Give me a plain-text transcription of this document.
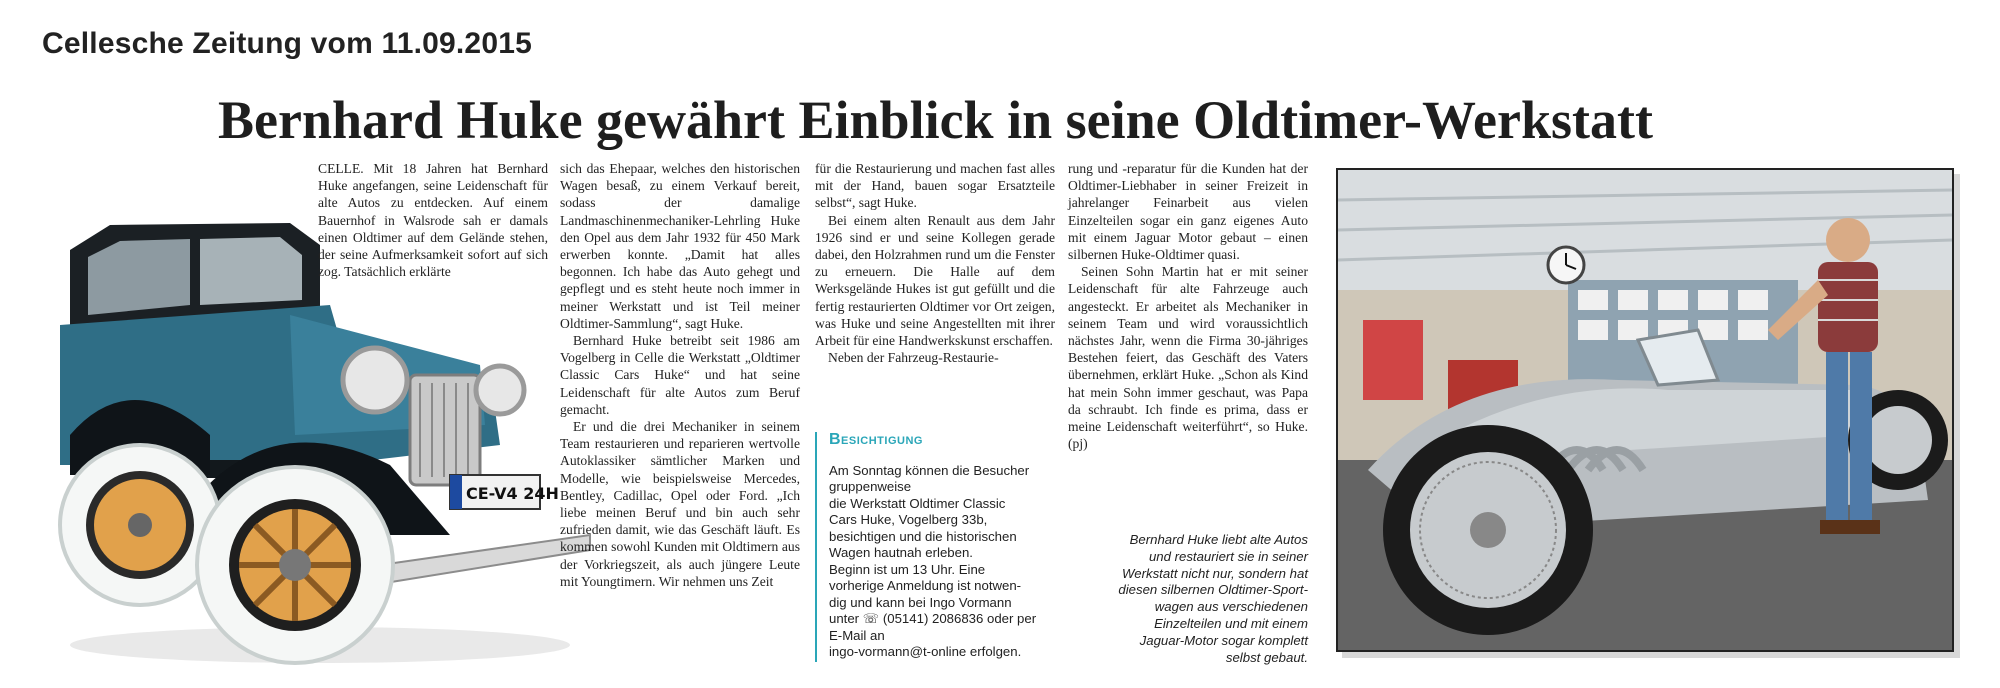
Cellesche Zeitung vom 11.09.2015
Bernhard Huke gewährt Einblick in seine Oldtimer-Werkstatt
CE-V4 24H

CELLE. Mit 18 Jahren hat Bernhard Huke angefangen, seine Leidenschaft für alte Autos zu entdecken. Auf einem Bauernhof in Walsrode sah er damals einen Oldtimer auf dem Gelände stehen, der seine Aufmerksamkeit sofort auf sich zog. Tatsächlich erklärte

sich das Ehepaar, welches den historischen Wagen besaß, zu einem Verkauf bereit, sodass der damalige Landmaschinenmechaniker-Lehrling Huke den Opel aus dem Jahr 1932 für 450 Mark erwerben konnte. „Damit hat alles begonnen. Ich habe das Auto gehegt und gepflegt und es steht heute noch immer in meiner Werkstatt und ist Teil meiner Oldtimer-Sammlung“, sagt Huke.

Bernhard Huke betreibt seit 1986 am Vogelberg in Celle die Werkstatt „Oldtimer Classic Cars Huke“ und hat seine Leidenschaft für alte Autos zum Beruf gemacht.

Er und die drei Mechaniker in seinem Team restaurieren und reparieren wertvolle Autoklassiker sämtlicher Marken und Modelle, wie beispielsweise Mercedes, Bentley, Cadillac, Opel oder Ford. „Ich liebe meinen Beruf und bin auch sehr zufrieden damit, wie das Geschäft läuft. Es kommen sowohl Kunden mit Oldtimern aus der Vorkriegszeit, als auch jüngere Leute mit Youngtimern. Wir nehmen uns Zeit

für die Restaurierung und machen fast alles mit der Hand, bauen sogar Ersatzteile selbst“, sagt Huke.

Bei einem alten Renault aus dem Jahr 1926 sind er und seine Kollegen gerade dabei, den Holzrahmen rund um die Fenster zu erneuern. Die Halle auf dem Werksgelände Hukes ist gut gefüllt und die fertig restaurierten Oldtimer vor Ort zeigen, was Huke und seine Angestellten mit ihrer Arbeit für eine Handwerkskunst erschaffen.

Neben der Fahrzeug-Restaurie-

Besichtigung
Am Sonntag können die Besucher
gruppenweise
die Werkstatt Oldtimer Classic
Cars Huke, Vogelberg 33b,
besichtigen und die historischen
Wagen hautnah erleben.
Beginn ist um 13 Uhr. Eine
vorherige Anmeldung ist notwen-
dig und kann bei Ingo Vormann
unter ☏ (05141) 2086836 oder per
E-Mail an
ingo-vormann@t-online erfolgen.

rung und -reparatur für die Kunden hat der Oldtimer-Liebhaber in seiner Freizeit in jahrelanger Feinarbeit aus vielen Einzelteilen sogar ein ganz eigenes Auto mit einem Jaguar Motor gebaut – einen silbernen Huke-Oldtimer quasi.

Seinen Sohn Martin hat er mit seiner Leidenschaft für alte Fahrzeuge auch angesteckt. Er arbeitet als Mechaniker in seinem Team und wird voraussichtlich nächstes Jahr, wenn die Firma 30-jähriges Bestehen feiert, das Geschäft des Vaters übernehmen, erklärt Huke. „Schon als Kind hat mein Sohn immer geschaut, was Papa da schraubt. Ich finde es prima, dass er meine Leidenschaft weiterführt“, so Huke. (pj)

Bernhard Huke liebt alte Autos
und restauriert sie in seiner
Werkstatt nicht nur, sondern hat
diesen silbernen Oldtimer-Sport-
wagen aus verschiedenen
Einzelteilen und mit einem
Jaguar-Motor sogar komplett
selbst gebaut.
